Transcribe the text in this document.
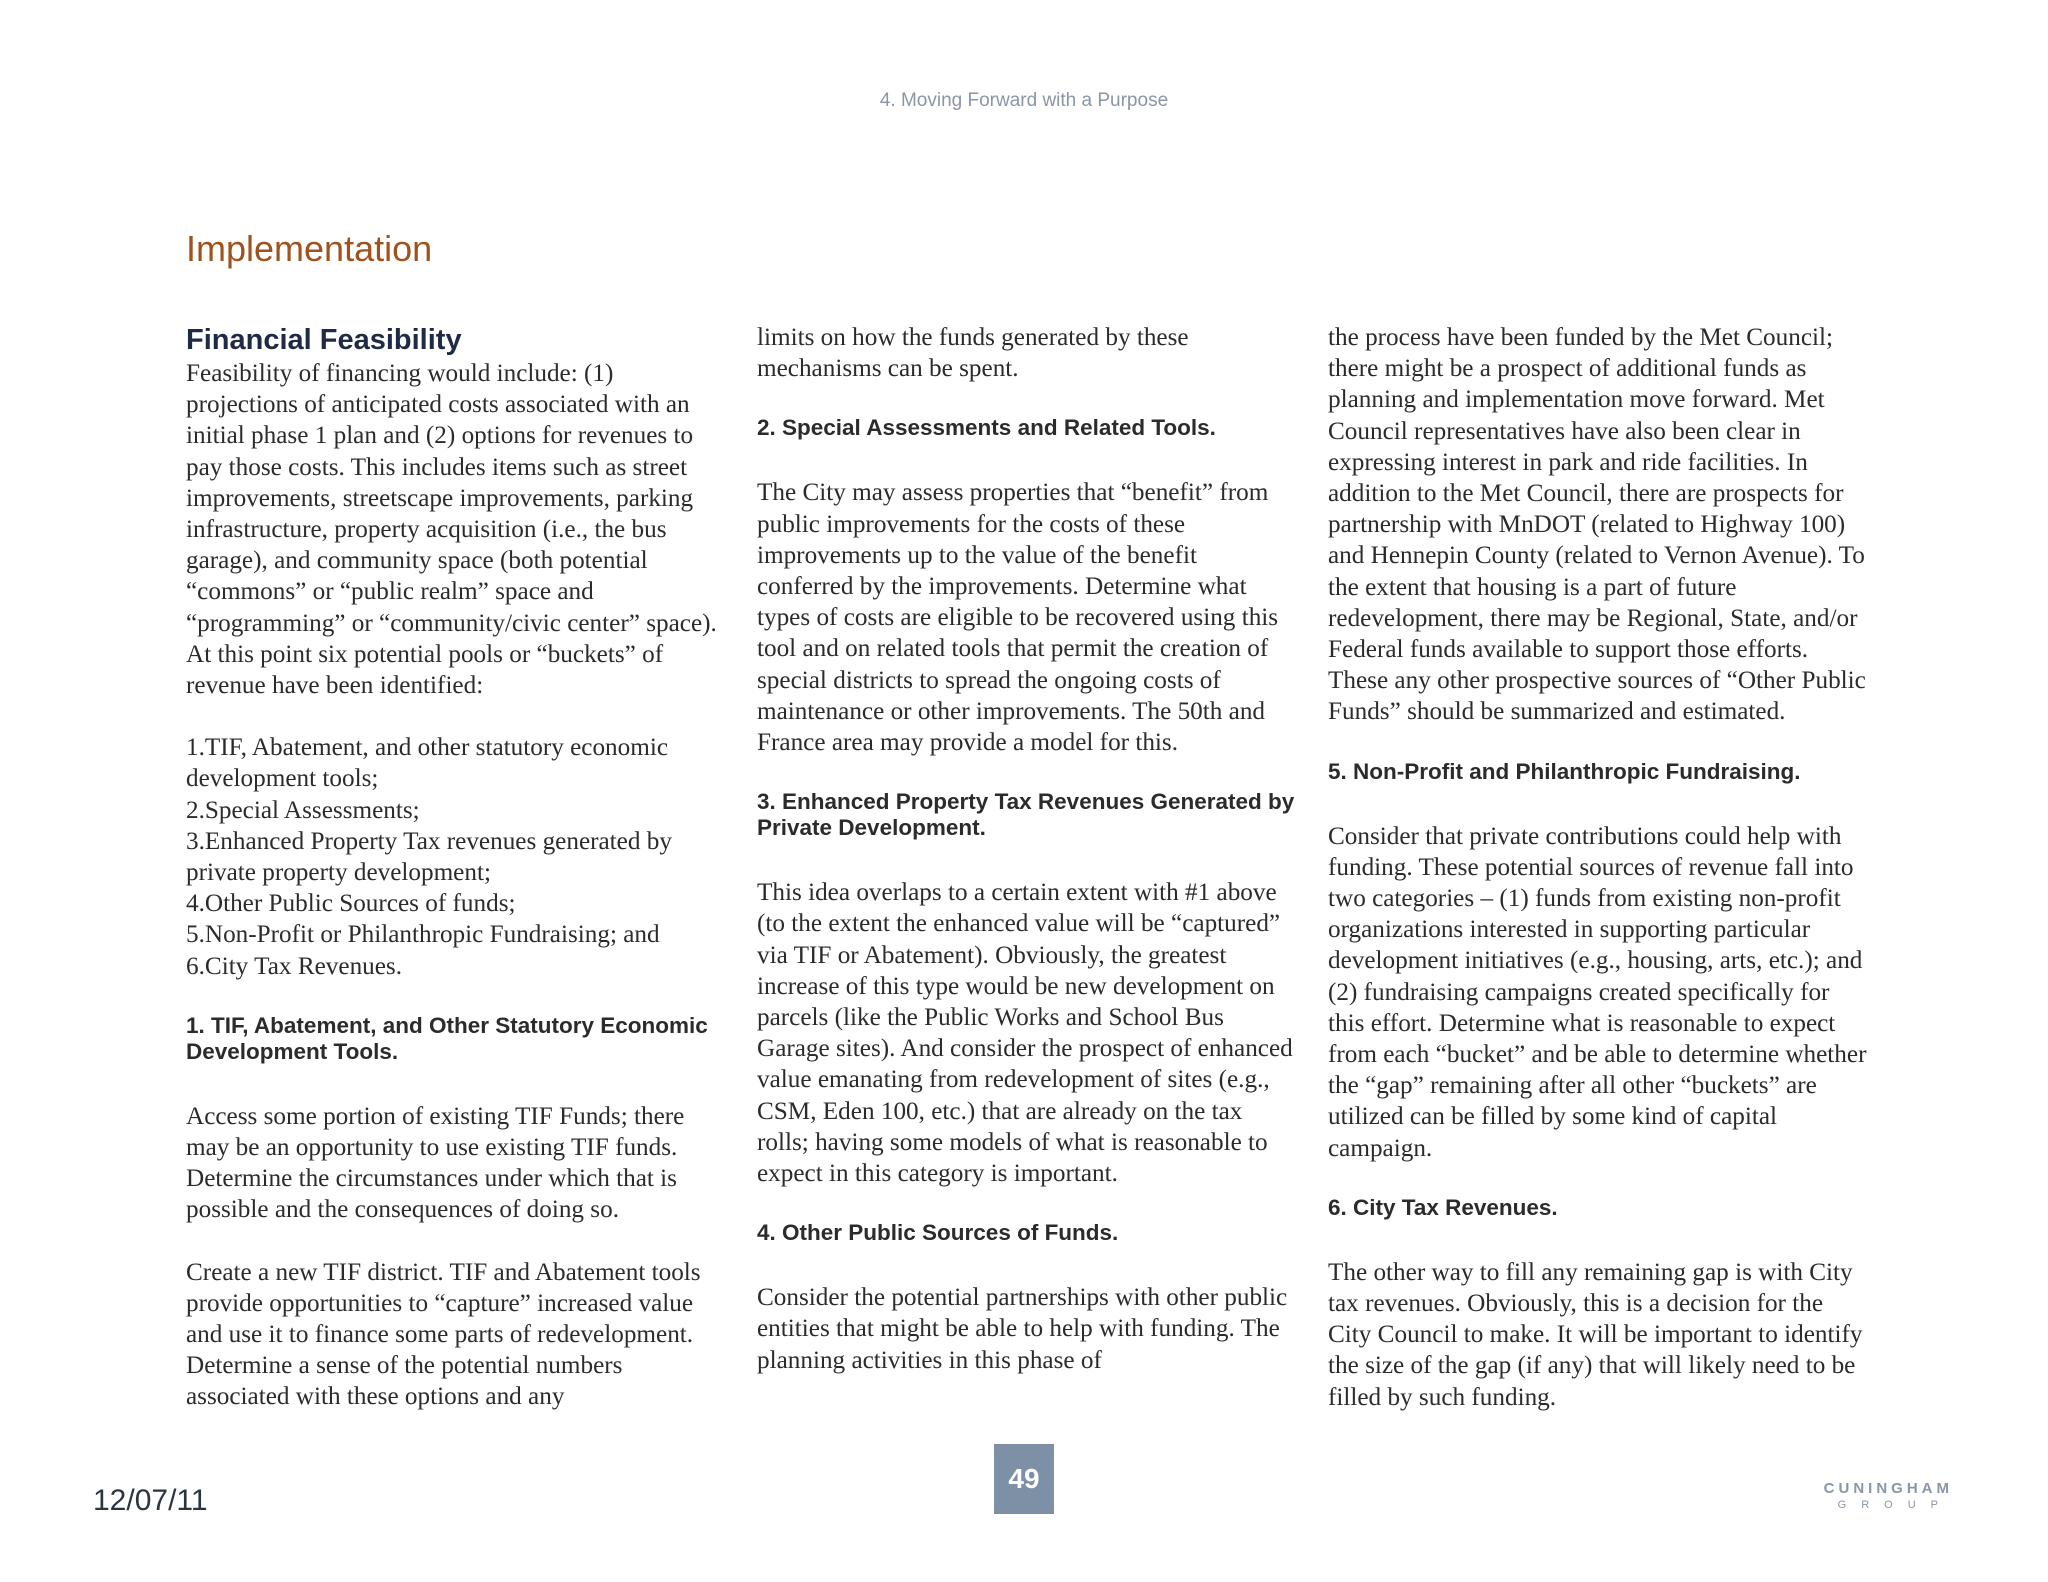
4. Moving Forward with a Purpose
Implementation
Financial Feasibility

Feasibility of financing would include: (1) projections of anticipated costs associated with an initial phase 1 plan and (2) options for revenues to pay those costs. This includes items such as street improvements, streetscape improvements, parking infrastructure, property acquisition (i.e., the bus garage), and community space (both potential “commons” or “public realm” space and “programming” or “community/civic center” space). At this point six potential pools or “buckets” of revenue have been identified:

1.TIF, Abatement, and other statutory economic development tools;
2.Special Assessments;
3.Enhanced Property Tax revenues generated by private property development;
4.Other Public Sources of funds;
5.Non-Profit or Philanthropic Fundraising; and
6.City Tax Revenues.
1. TIF, Abatement, and Other Statutory Economic Development Tools.

Access some portion of existing TIF Funds; there may be an opportunity to use existing TIF funds. Determine the circumstances under which that is possible and the consequences of doing so.

Create a new TIF district. TIF and Abatement tools provide opportunities to “capture” increased value and use it to finance some parts of redevelopment. Determine a sense of the potential numbers associated with these options and any

limits on how the funds generated by these mechanisms can be spent.

2. Special Assessments and Related Tools.

The City may assess properties that “benefit” from public improvements for the costs of these improvements up to the value of the benefit conferred by the improvements. Determine what types of costs are eligible to be recovered using this tool and on related tools that permit the creation of special districts to spread the ongoing costs of maintenance or other improvements. The 50th and France area may provide a model for this.

3. Enhanced Property Tax Revenues Generated by Private Development.

This idea overlaps to a certain extent with #1 above (to the extent the enhanced value will be “captured” via TIF or Abatement). Obviously, the greatest increase of this type would be new development on parcels (like the Public Works and School Bus Garage sites). And consider the prospect of enhanced value emanating from redevelopment of sites (e.g., CSM, Eden 100, etc.) that are already on the tax rolls; having some models of what is reasonable to expect in this category is important.

4. Other Public Sources of Funds.

Consider the potential partnerships with other public entities that might be able to help with funding. The planning activities in this phase of

the process have been funded by the Met Council; there might be a prospect of additional funds as planning and implementation move forward. Met Council representatives have also been clear in expressing interest in park and ride facilities. In addition to the Met Council, there are prospects for partnership with MnDOT (related to Highway 100) and Hennepin County (related to Vernon Avenue). To the extent that housing is a part of future redevelopment, there may be Regional, State, and/or Federal funds available to support those efforts. These any other prospective sources of “Other Public Funds” should be summarized and estimated.

5. Non-Profit and Philanthropic Fundraising.

Consider that private contributions could help with funding. These potential sources of revenue fall into two categories – (1) funds from existing non-profit organizations interested in supporting particular development initiatives (e.g., housing, arts, etc.); and (2) fundraising campaigns created specifically for this effort. Determine what is reasonable to expect from each “bucket” and be able to determine whether the “gap” remaining after all other “buckets” are utilized can be filled by some kind of capital campaign.

6. City Tax Revenues.

The other way to fill any remaining gap is with City tax revenues. Obviously, this is a decision for the City Council to make. It will be important to identify the size of the gap (if any) that will likely need to be filled by such funding.

49
12/07/11	CUNINGHAM
GROUP
